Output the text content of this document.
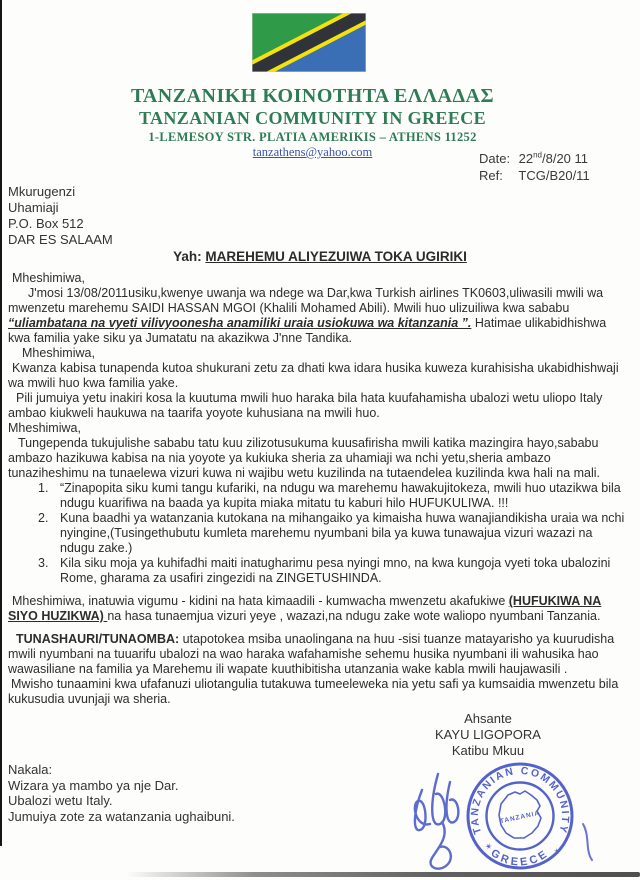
ΤΑΝΖΑΝΙΚΗ ΚΟΙΝΟΤΗΤΑ ΕΛΛΑΔΑΣ
TANZANIAN COMMUNITY IN GREECE
1-LEMESOY STR. PLATIA AMERIKIS – ATHENS 11252
tanzathens@yahoo.com	Date: 22nd/8/20 11
Ref: TCG/B20/11
Mkurugenzi
Uhamiaji
P.O. Box 512
DAR ES SALAAM
Yah: MAREHEMU ALIYEZUIWA TOKA UGIRIKI
Mheshimiwa,
J'mosi 13/08/2011usiku,kwenye uwanja wa ndege wa Dar,kwa Turkish airlines TK0603,uliwasili mwili wa mwenzetu marehemu SAIDI HASSAN MGOI (Khalili Mohamed Abili). Mwili huo ulizuiliwa kwa sababu “uliambatana na vyeti vilivyoonesha anamiliki uraia usiokuwa wa kitanzania ”. Hatimae ulikabidhishwa kwa familia yake siku ya Jumatatu na akazikwa J'nne Tandika.
Mheshimiwa,
Kwanza kabisa tunapenda kutoa shukurani zetu za dhati kwa idara husika kuweza kurahisisha ukabidhishwaji wa mwili huo kwa familia yake.
Pili jumuiya yetu inakiri kosa la kuutuma mwili huo haraka bila hata kuufahamisha ubalozi wetu uliopo Italy ambao kiukweli haukuwa na taarifa yoyote kuhusiana na mwili huo.
Mheshimiwa,
Tungependa tukujulishe sababu tatu kuu zilizotusukuma kuusafirisha mwili katika mazingira hayo,sababu ambazo hazikuwa kabisa na nia yoyote ya kukiuka sheria za uhamiaji wa nchi yetu,sheria ambazo tunaziheshimu na tunaelewa vizuri kuwa ni wajibu wetu kuzilinda na tutaendelea kuzilinda kwa hali na mali.
1. “Zinapopita siku kumi tangu kufariki, na ndugu wa marehemu hawakujitokeza, mwili huo utazikwa bila ndugu kuarifiwa na baada ya kupita miaka mitatu tu kaburi hilo HUFUKULIWA. !!!
2. Kuna baadhi ya watanzania kutokana na mihangaiko ya kimaisha huwa wanajiandikisha uraia wa nchi nyingine,(Tusingethubutu kumleta marehemu nyumbani bila ya kuwa tunawajua vizuri wazazi na ndugu zake.)
3. Kila siku moja ya kuhifadhi maiti inatugharimu pesa nyingi mno, na kwa kungoja vyeti toka ubalozini Rome, gharama za usafiri zingezidi na ZINGETUSHINDA.
Mheshimiwa, inatuwia vigumu - kidini na hata kimaadili - kumwacha mwenzetu akafukiwe (HUFUKIWA NA SIYO HUZIKWA) na hasa tunaemjua vizuri yeye , wazazi,na ndugu zake wote waliopo nyumbani Tanzania.
TUNASHAURI/TUNAOMBA: utapotokea msiba unaolingana na huu -sisi tuanze matayarisho ya kuurudisha mwili nyumbani na tuuarifu ubalozi na wao haraka wafahamishe sehemu husika nyumbani ili wahusika hao wawasiliane na familia ya Marehemu ili wapate kuuthibitisha utanzania wake kabla mwili haujawasili .
Mwisho tunaamini kwa ufafanuzi uliotangulia tutakuwa tumeeleweka nia yetu safi ya kumsaidia mwenzetu bila kukusudia uvunjaji wa sheria.
Ahsante
KAYU LIGOPORA
Katibu Mkuu
Nakala:
Wizara ya mambo ya nje Dar.
Ubalozi wetu Italy.
Jumuiya zote za watanzania ughaibuni.
TANZANIAN COMMUNITY
GREECE
✶	✶
TANZANIA
